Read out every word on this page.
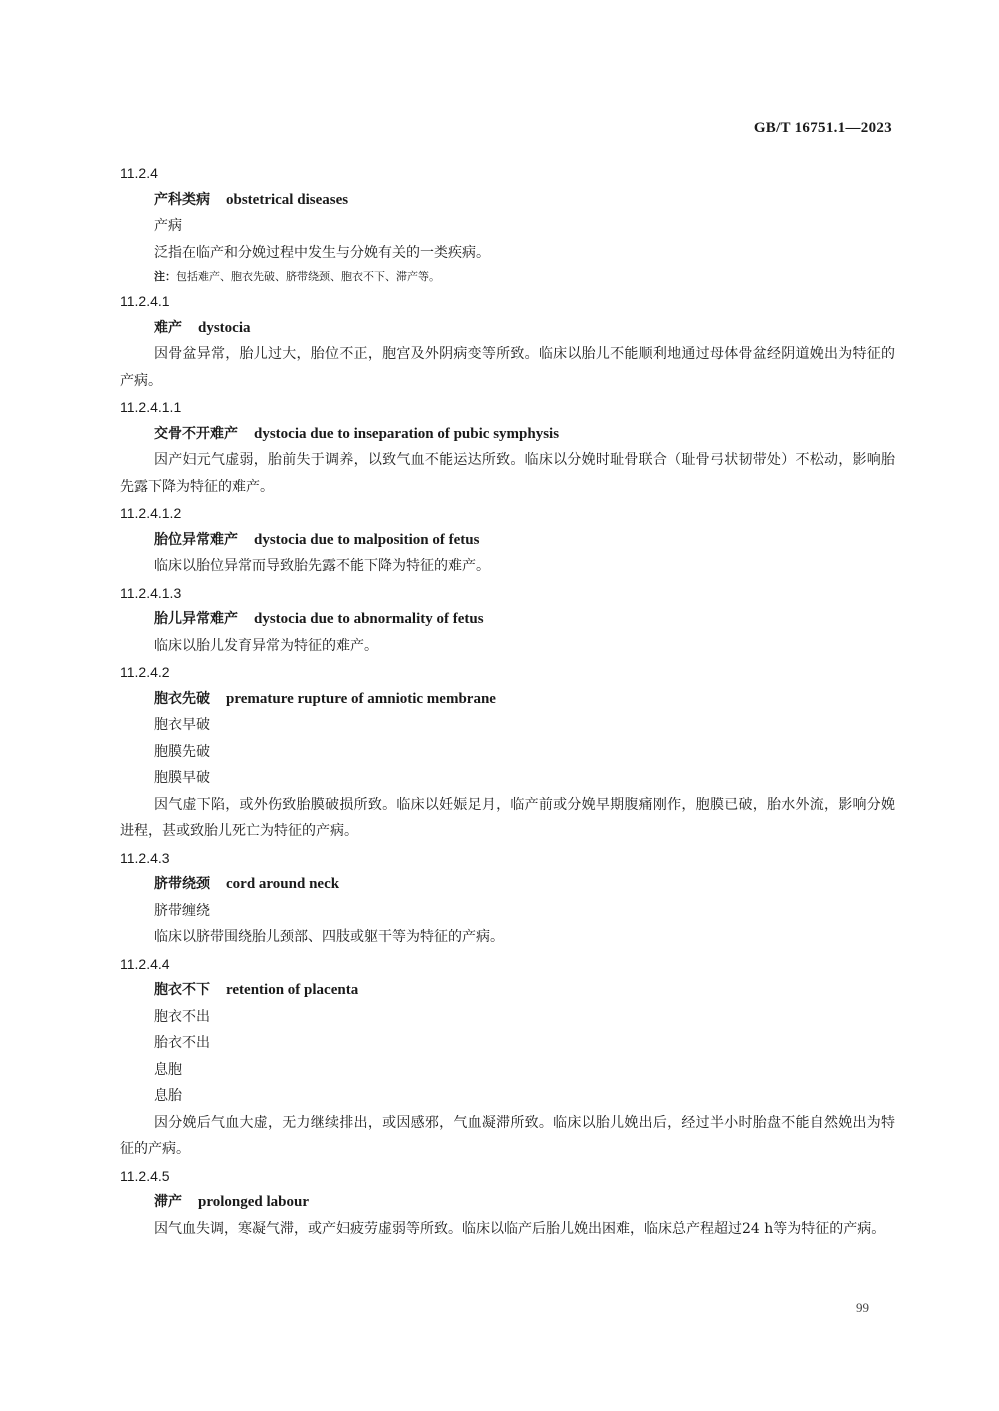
GB/T 16751.1—2023
11.2.4
产科类病 obstetrical diseases
产病

泛指在临产和分娩过程中发生与分娩有关的一类疾病。

注：包括难产、胞衣先破、脐带绕颈、胞衣不下、滞产等。
11.2.4.1
难产 dystocia

因骨盆异常，胎儿过大，胎位不正，胞宫及外阴病变等所致。临床以胎儿不能顺利地通过母体骨盆经阴道娩出为特征的产病。

11.2.4.1.1
交骨不开难产 dystocia due to inseparation of pubic symphysis

因产妇元气虚弱，胎前失于调养，以致气血不能运达所致。临床以分娩时耻骨联合（耻骨弓状韧带处）不松动，影响胎先露下降为特征的难产。

11.2.4.1.2
胎位异常难产 dystocia due to malposition of fetus

临床以胎位异常而导致胎先露不能下降为特征的难产。

11.2.4.1.3
胎儿异常难产 dystocia due to abnormality of fetus

临床以胎儿发育异常为特征的难产。

11.2.4.2
胞衣先破 premature rupture of amniotic membrane
胞衣早破
胞膜先破
胞膜早破

因气虚下陷，或外伤致胎膜破损所致。临床以妊娠足月，临产前或分娩早期腹痛刚作，胞膜已破，胎水外流，影响分娩进程，甚或致胎儿死亡为特征的产病。

11.2.4.3
脐带绕颈 cord around neck
脐带缠绕

临床以脐带围绕胎儿颈部、四肢或躯干等为特征的产病。

11.2.4.4
胞衣不下 retention of placenta
胞衣不出
胎衣不出
息胞
息胎

因分娩后气血大虚，无力继续排出，或因感邪，气血凝滞所致。临床以胎儿娩出后，经过半小时胎盘不能自然娩出为特征的产病。

11.2.4.5
滞产 prolonged labour

因气血失调，寒凝气滞，或产妇疲劳虚弱等所致。临床以临产后胎儿娩出困难，临床总产程超过24 h等为特征的产病。

99
